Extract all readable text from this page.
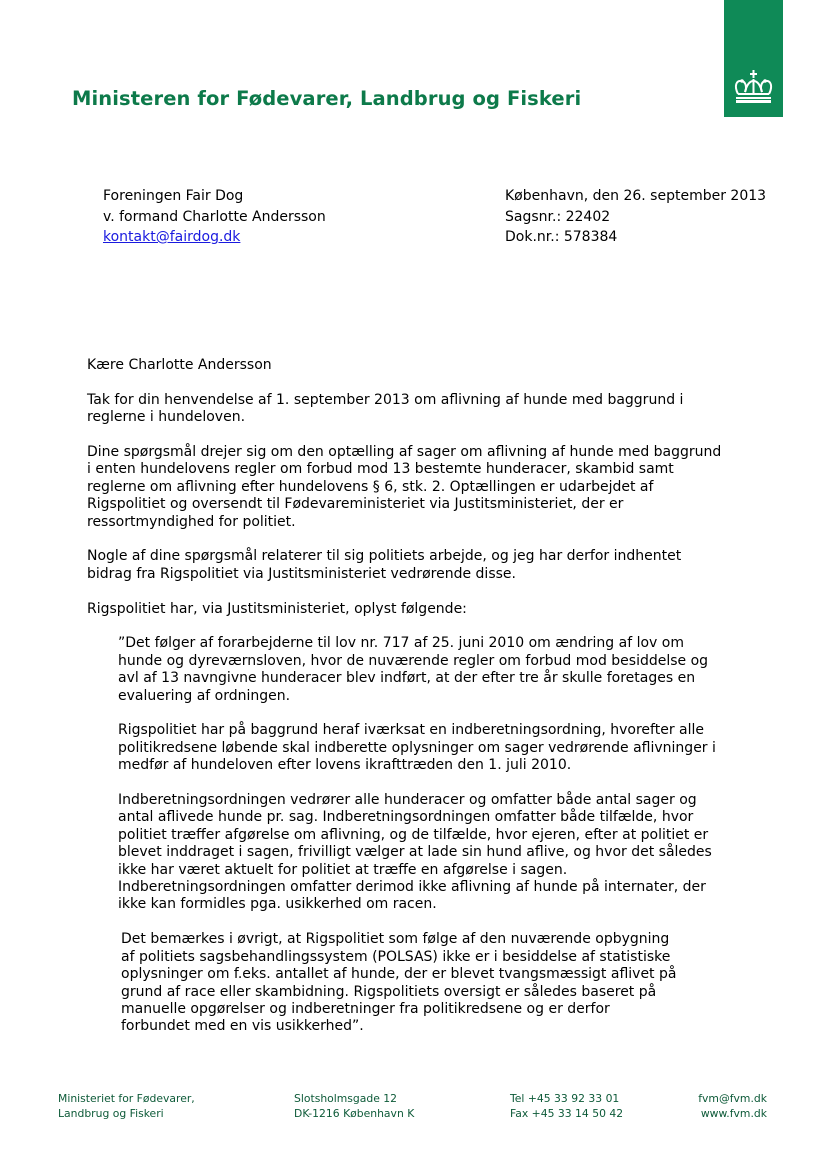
Ministeren for Fødevarer, Landbrug og Fiskeri
Foreningen Fair Dog
v. formand Charlotte Andersson
kontakt@fairdog.dk
København, den 26. september 2013
Sagsnr.: 22402
Dok.nr.: 578384

Kære Charlotte Andersson

Tak for din henvendelse af 1. september 2013 om aflivning af hunde med baggrund i reglerne i hundeloven.

Dine spørgsmål drejer sig om den optælling af sager om aflivning af hunde med baggrund i enten hundelovens regler om forbud mod 13 bestemte hunderacer, skambid samt reglerne om aflivning efter hundelovens § 6, stk. 2. Optællingen er udarbejdet af Rigspolitiet og oversendt til Fødevareministeriet via Justitsministeriet, der er ressortmyndighed for politiet.

Nogle af dine spørgsmål relaterer til sig politiets arbejde, og jeg har derfor indhentet bidrag fra Rigspolitiet via Justitsministeriet vedrørende disse.

Rigspolitiet har, via Justitsministeriet, oplyst følgende:

”Det følger af forarbejderne til lov nr. 717 af 25. juni 2010 om ændring af lov om hunde og dyreværnsloven, hvor de nuværende regler om forbud mod besiddelse og avl af 13 navngivne hunderacer blev indført, at der efter tre år skulle foretages en evaluering af ordningen.

Rigspolitiet har på baggrund heraf iværksat en indberetningsordning, hvorefter alle politikredsene løbende skal indberette oplysninger om sager vedrørende aflivninger i medfør af hundeloven efter lovens ikrafttræden den 1. juli 2010.

Indberetningsordningen vedrører alle hunderacer og omfatter både antal sager og antal aflivede hunde pr. sag. Indberetningsordningen omfatter både tilfælde, hvor politiet træffer afgørelse om aflivning, og de tilfælde, hvor ejeren, efter at politiet er blevet inddraget i sagen, frivilligt vælger at lade sin hund aflive, og hvor det således ikke har været aktuelt for politiet at træffe en afgørelse i sagen.

Indberetningsordningen omfatter derimod ikke aflivning af hunde på internater, der ikke kan formidles pga. usikkerhed om racen.

Det bemærkes i øvrigt, at Rigspolitiet som følge af den nuværende opbygning af politiets sagsbehandlingssystem (POLSAS) ikke er i besiddelse af statistiske oplysninger om f.eks. antallet af hunde, der er blevet tvangsmæssigt aflivet på grund af race eller skambidning. Rigspolitiets oversigt er således baseret på manuelle opgørelser og indberetninger fra politikredsene og er derfor forbundet med en vis usikkerhed”.

Ministeriet for Fødevarer,
Landbrug og Fiskeri
Slotsholmsgade 12
DK-1216 København K
Tel +45 33 92 33 01
Fax +45 33 14 50 42
fvm@fvm.dk
www.fvm.dk
